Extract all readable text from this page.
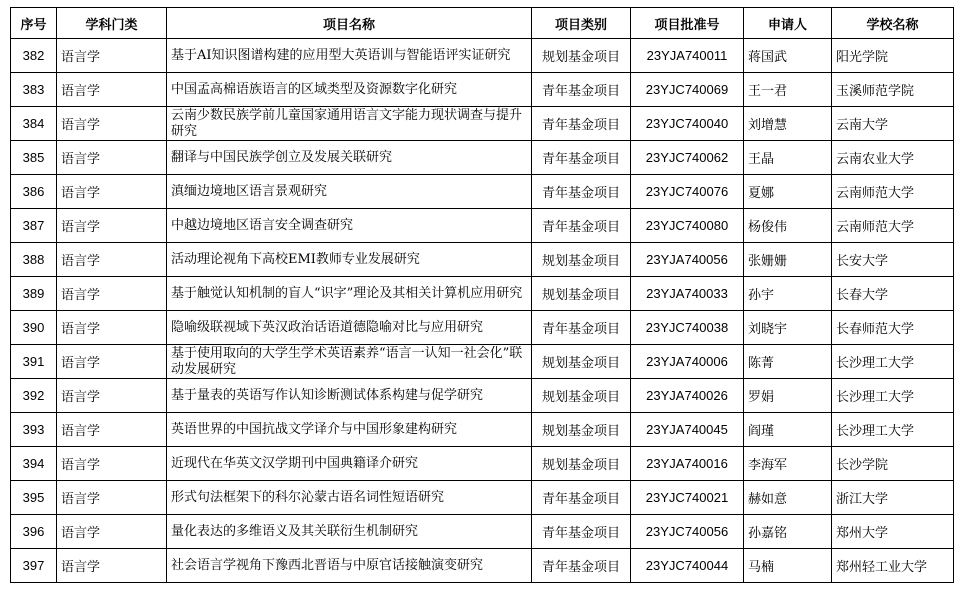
序号	学科门类	项目名称	项目类别	项目批准号	申请人	学校名称
382	语言学	基于AI知识图谱构建的应用型大英语训与智能语评实证研究	规划基金项目	23YJA740011	蒋国武	阳光学院
383	语言学	中国孟高棉语族语言的区域类型及资源数字化研究	青年基金项目	23YJC740069	王一君	玉溪师范学院
384	语言学	云南少数民族学前儿童国家通用语言文字能力现状调查与提升研究	青年基金项目	23YJC740040	刘增慧	云南大学
385	语言学	翻译与中国民族学创立及发展关联研究	青年基金项目	23YJC740062	王晶	云南农业大学
386	语言学	滇缅边境地区语言景观研究	青年基金项目	23YJC740076	夏娜	云南师范大学
387	语言学	中越边境地区语言安全调查研究	青年基金项目	23YJC740080	杨俊伟	云南师范大学
388	语言学	活动理论视角下高校EMI教师专业发展研究	规划基金项目	23YJA740056	张姗姗	长安大学
389	语言学	基于触觉认知机制的盲人“识字”理论及其相关计算机应用研究	规划基金项目	23YJA740033	孙宇	长春大学
390	语言学	隐喻级联视域下英汉政治话语道德隐喻对比与应用研究	青年基金项目	23YJC740038	刘晓宇	长春师范大学
391	语言学	基于使用取向的大学生学术英语素养“语言一认知一社会化”联动发展研究	规划基金项目	23YJA740006	陈菁	长沙理工大学
392	语言学	基于量表的英语写作认知诊断测试体系构建与促学研究	规划基金项目	23YJA740026	罗娟	长沙理工大学
393	语言学	英语世界的中国抗战文学译介与中国形象建构研究	规划基金项目	23YJA740045	阎瑾	长沙理工大学
394	语言学	近现代在华英文汉学期刊中国典籍译介研究	规划基金项目	23YJA740016	李海军	长沙学院
395	语言学	形式句法框架下的科尔沁蒙古语名词性短语研究	青年基金项目	23YJC740021	赫如意	浙江大学
396	语言学	量化表达的多维语义及其关联衍生机制研究	青年基金项目	23YJC740056	孙嘉铭	郑州大学
397	语言学	社会语言学视角下豫西北晋语与中原官话接触演变研究	青年基金项目	23YJC740044	马楠	郑州轻工业大学
